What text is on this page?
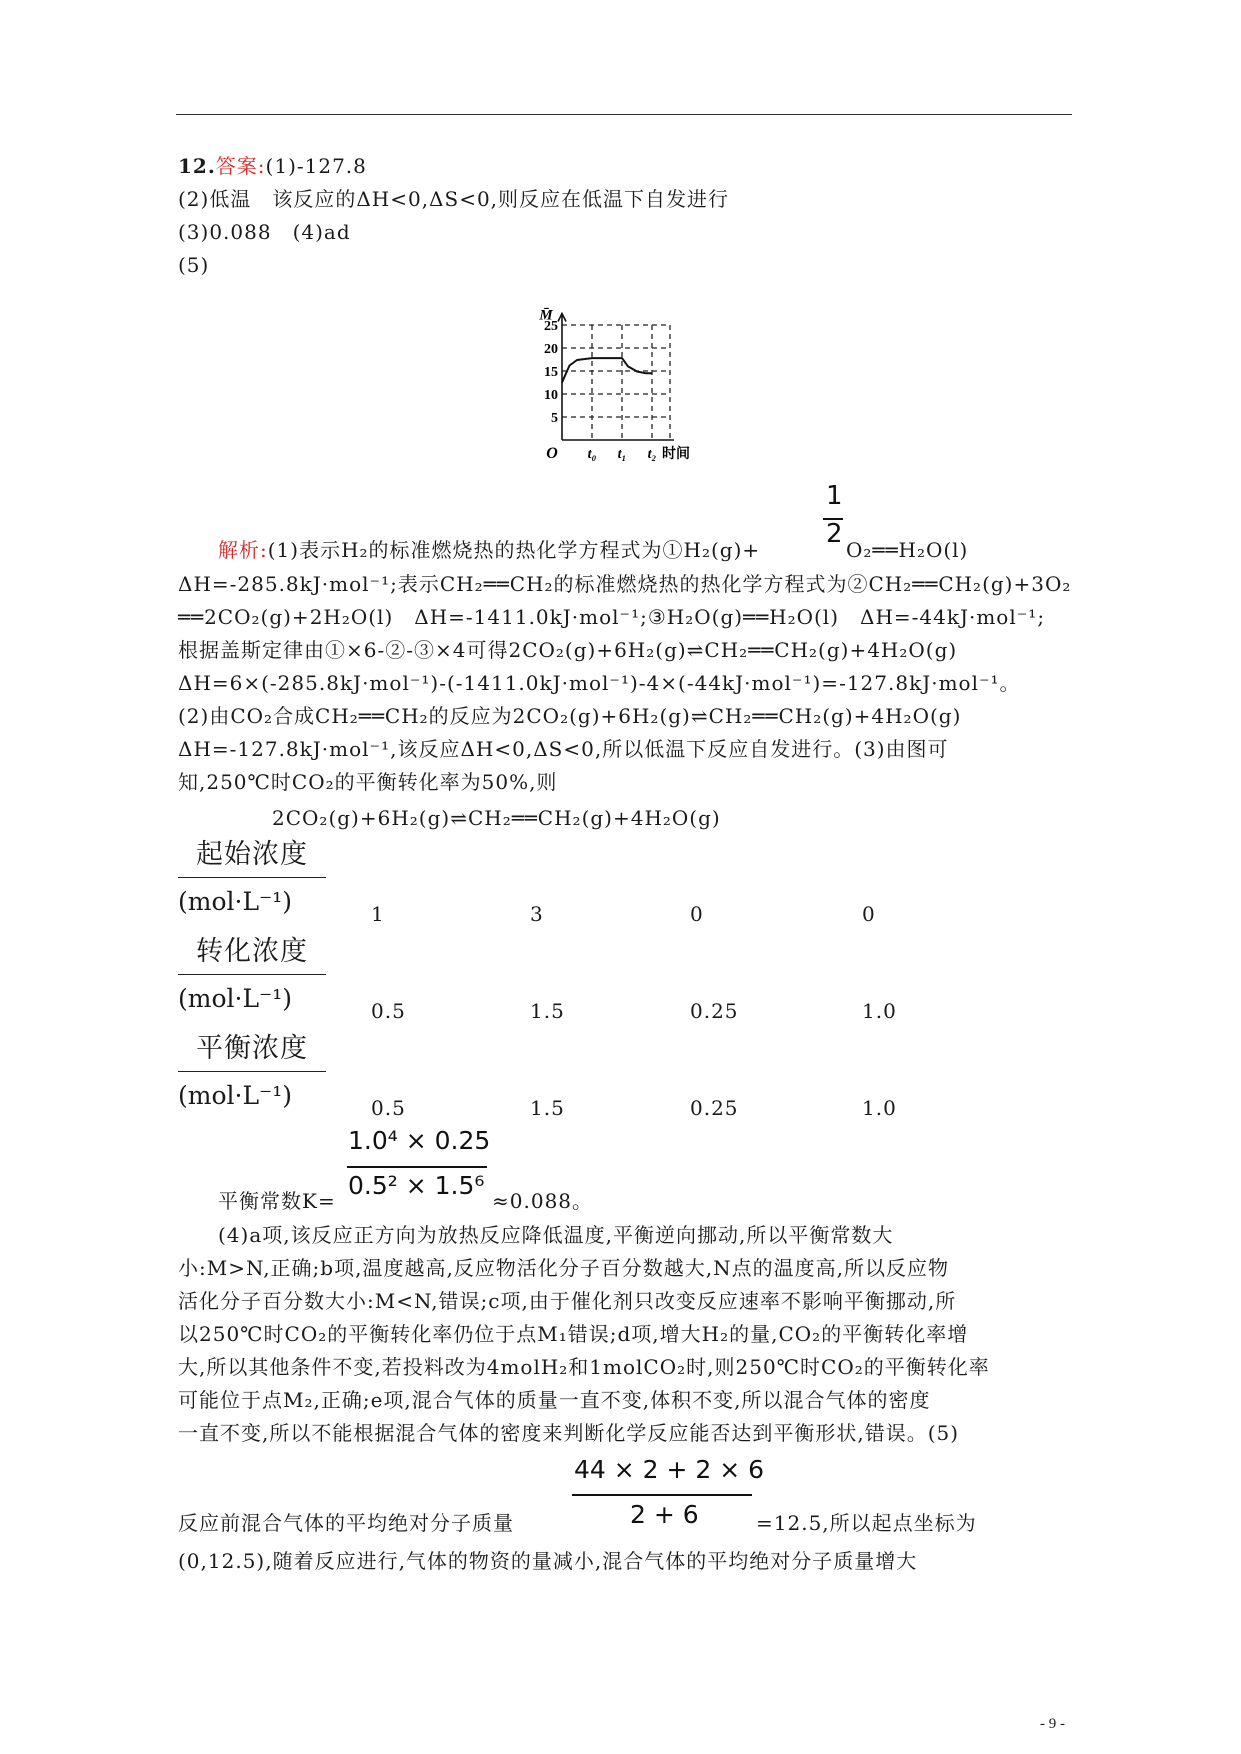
12.答案:(1)-127.8
(2)低温　该反应的ΔH<0,ΔS<0,则反应在低温下自发进行
(3)0.088　(4)ad
(5)
5
10
15
20
25
M̄
O t₀ t₁ t₂ 时间
1
2
解析:(1)表示H₂的标准燃烧热的热化学方程式为①H₂(g)+	O₂══H₂O(l)
ΔH=-285.8kJ·mol⁻¹;表示CH₂══CH₂的标准燃烧热的热化学方程式为②CH₂══CH₂(g)+3O₂
══2CO₂(g)+2H₂O(l)　ΔH=-1411.0kJ·mol⁻¹;③H₂O(g)══H₂O(l)　ΔH=-44kJ·mol⁻¹;
根据盖斯定律由①×6-②-③×4可得2CO₂(g)+6H₂(g)⇌CH₂══CH₂(g)+4H₂O(g)
ΔH=6×(-285.8kJ·mol⁻¹)-(-1411.0kJ·mol⁻¹)-4×(-44kJ·mol⁻¹)=-127.8kJ·mol⁻¹。
(2)由CO₂合成CH₂══CH₂的反应为2CO₂(g)+6H₂(g)⇌CH₂══CH₂(g)+4H₂O(g)
ΔH=-127.8kJ·mol⁻¹,该反应ΔH<0,ΔS<0,所以低温下反应自发进行。(3)由图可
知,250℃时CO₂的平衡转化率为50%,则
2CO₂(g)+6H₂(g)⇌CH₂══CH₂(g)+4H₂O(g)
起始浓度
(mol·L⁻¹)	1	3	0	0
转化浓度
(mol·L⁻¹)	0.5	1.5	0.25	1.0
平衡浓度
(mol·L⁻¹)	0.5	1.5	0.25	1.0
1.0⁴ × 0.25
0.5² × 1.5⁶
平衡常数K=	≈0.088。
(4)a项,该反应正方向为放热反应降低温度,平衡逆向挪动,所以平衡常数大
小:M>N,正确;b项,温度越高,反应物活化分子百分数越大,N点的温度高,所以反应物
活化分子百分数大小:M<N,错误;c项,由于催化剂只改变反应速率不影响平衡挪动,所
以250℃时CO₂的平衡转化率仍位于点M₁错误;d项,增大H₂的量,CO₂的平衡转化率增
大,所以其他条件不变,若投料改为4molH₂和1molCO₂时,则250℃时CO₂的平衡转化率
可能位于点M₂,正确;e项,混合气体的质量一直不变,体积不变,所以混合气体的密度
一直不变,所以不能根据混合气体的密度来判断化学反应能否达到平衡形状,错误。(5)
44 × 2 + 2 × 6
2 + 6
反应前混合气体的平均绝对分子质量	=12.5,所以起点坐标为
(0,12.5),随着反应进行,气体的物资的量减小,混合气体的平均绝对分子质量增大
- 9 -
